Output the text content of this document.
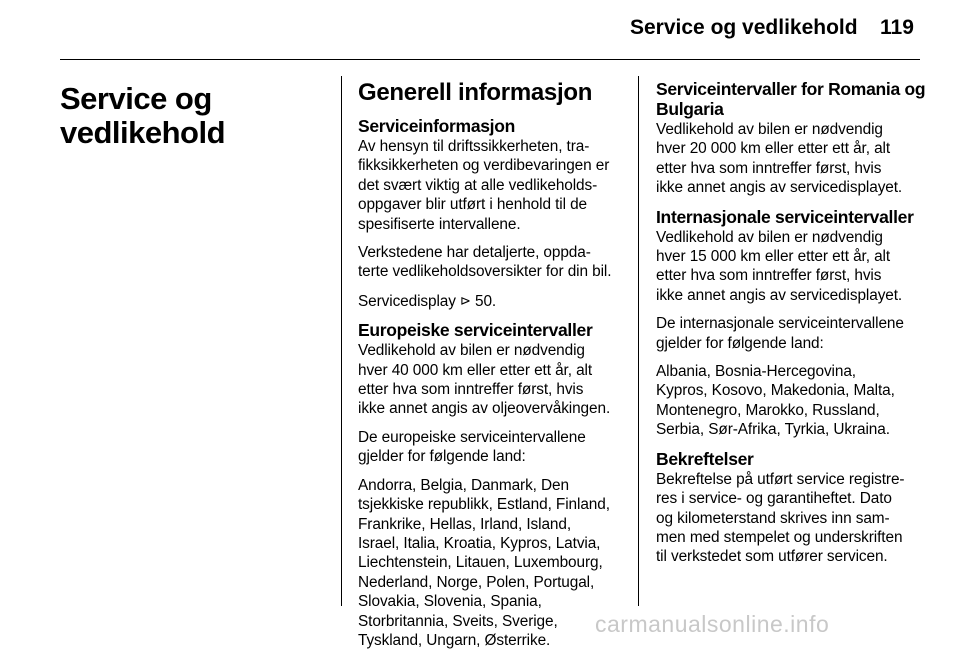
Service og vedlikehold 119
Service og
vedlikehold
Generell informasjon
Serviceinformasjon

Av hensyn til driftssikkerheten, tra-
fikksikkerheten og verdibevaringen er
det svært viktig at alle vedlikeholds-
oppgaver blir utført i henhold til de
spesifiserte intervallene.

Verkstedene har detaljerte, oppda-
terte vedlikeholdsoversikter for din bil.

Servicedisplay ⊳ 50.

Europeiske serviceintervaller

Vedlikehold av bilen er nødvendig
hver 40 000 km eller etter ett år, alt
etter hva som inntreffer først, hvis
ikke annet angis av oljeovervåkingen.

De europeiske serviceintervallene
gjelder for følgende land:

Andorra, Belgia, Danmark, Den
tsjekkiske republikk, Estland, Finland,
Frankrike, Hellas, Irland, Island,
Israel, Italia, Kroatia, Kypros, Latvia,
Liechtenstein, Litauen, Luxembourg,
Nederland, Norge, Polen, Portugal,
Slovakia, Slovenia, Spania,
Storbritannia, Sveits, Sverige,
Tyskland, Ungarn, Østerrike.

Serviceintervaller for Romania og
Bulgaria

Vedlikehold av bilen er nødvendig
hver 20 000 km eller etter ett år, alt
etter hva som inntreffer først, hvis
ikke annet angis av servicedisplayet.

Internasjonale serviceintervaller

Vedlikehold av bilen er nødvendig
hver 15 000 km eller etter ett år, alt
etter hva som inntreffer først, hvis
ikke annet angis av servicedisplayet.

De internasjonale serviceintervallene
gjelder for følgende land:

Albania, Bosnia-Hercegovina,
Kypros, Kosovo, Makedonia, Malta,
Montenegro, Marokko, Russland,
Serbia, Sør-Afrika, Tyrkia, Ukraina.

Bekreftelser

Bekreftelse på utført service registre-
res i service- og garantiheftet. Dato
og kilometerstand skrives inn sam-
men med stempelet og underskriften
til verkstedet som utfører servicen.

carmanualsonline.info
